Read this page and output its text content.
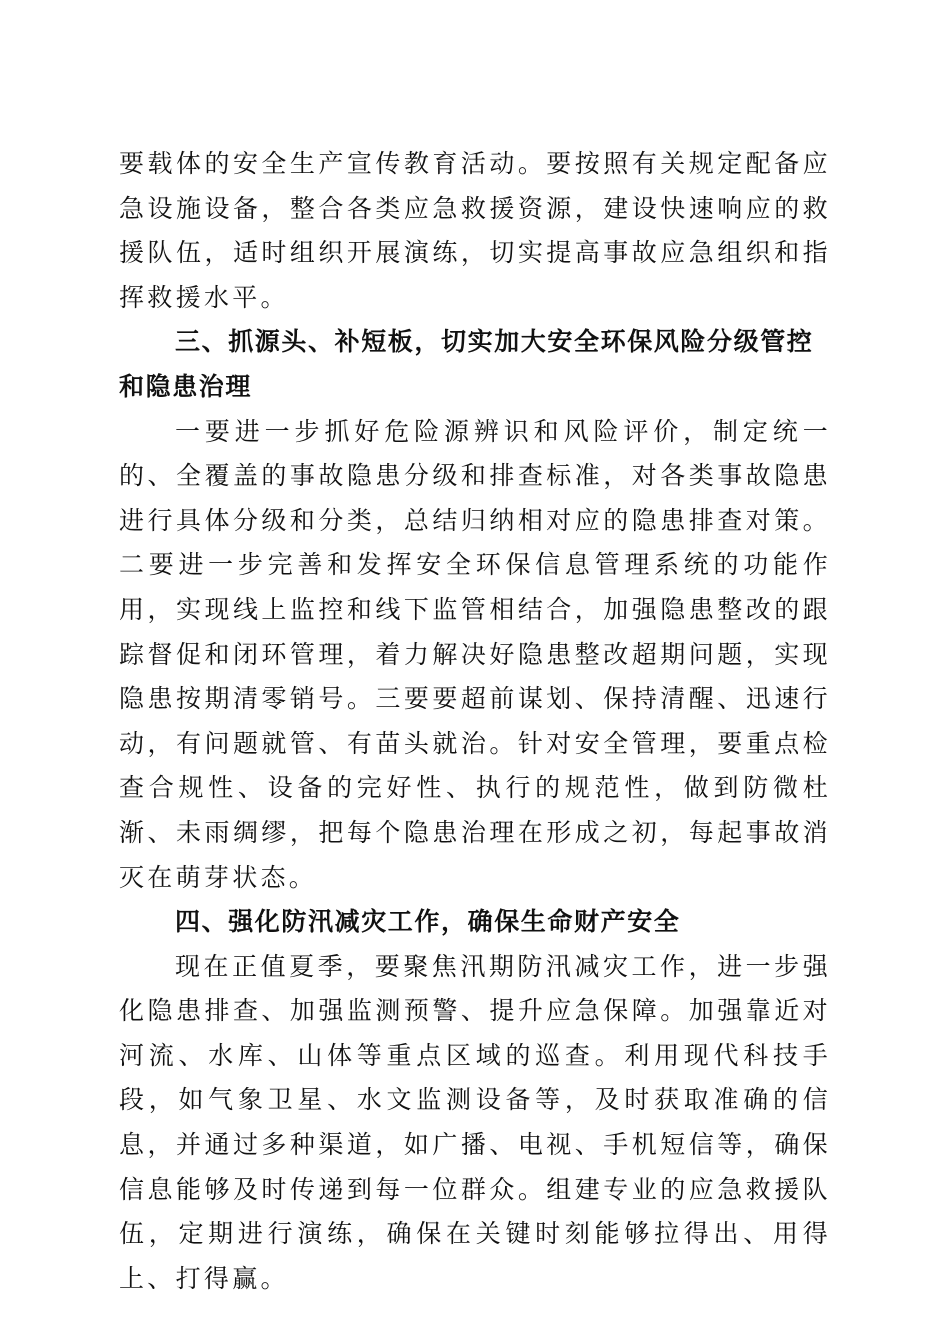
要载体的安全生产宣传教育活动。要按照有关规定配备应急设施设备，整合各类应急救援资源，建设快速响应的救援队伍，适时组织开展演练，切实提高事故应急组织和指挥救援水平。

三、抓源头、补短板，切实加大安全环保风险分级管控和隐患治理

一要进一步抓好危险源辨识和风险评价，制定统一的、全覆盖的事故隐患分级和排查标准，对各类事故隐患进行具体分级和分类，总结归纳相对应的隐患排查对策。二要进一步完善和发挥安全环保信息管理系统的功能作用，实现线上监控和线下监管相结合，加强隐患整改的跟踪督促和闭环管理，着力解决好隐患整改超期问题，实现隐患按期清零销号。三要要超前谋划、保持清醒、迅速行动，有问题就管、有苗头就治。针对安全管理，要重点检查合规性、设备的完好性、执行的规范性，做到防微杜渐、未雨绸缪，把每个隐患治理在形成之初，每起事故消灭在萌芽状态。

四、强化防汛减灾工作，确保生命财产安全

现在正值夏季，要聚焦汛期防汛减灾工作，进一步强化隐患排查、加强监测预警、提升应急保障。加强靠近对河流、水库、山体等重点区域的巡查。利用现代科技手段，如气象卫星、水文监测设备等，及时获取准确的信息，并通过多种渠道，如广播、电视、手机短信等，确保信息能够及时传递到每一位群众。组建专业的应急救援队伍，定期进行演练，确保在关键时刻能够拉得出、用得上、打得赢。
